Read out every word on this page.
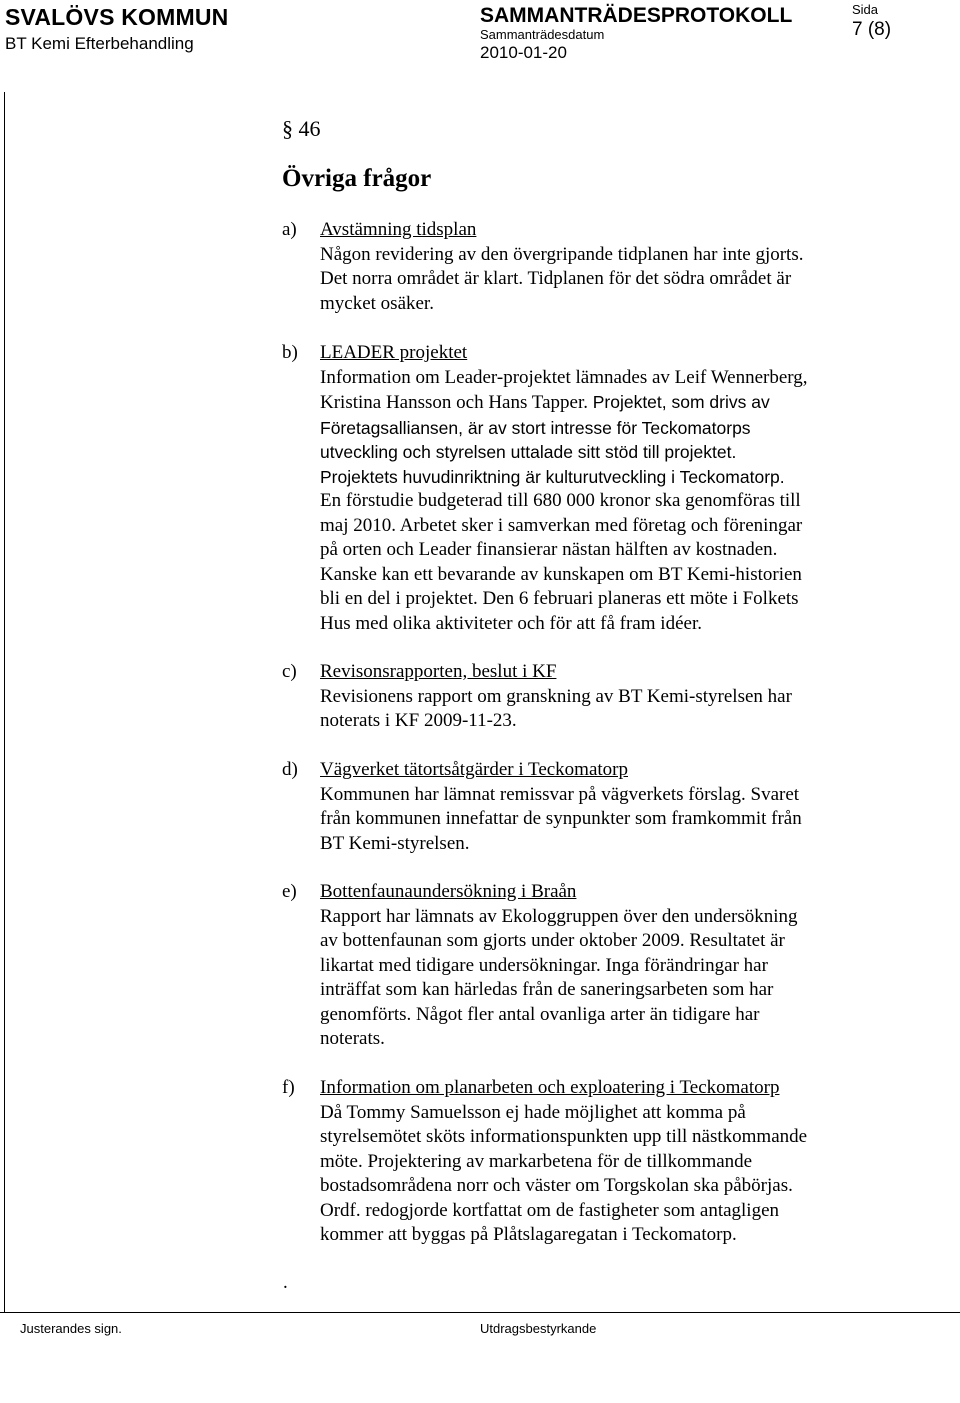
SVALÖVS KOMMUN
BT Kemi Efterbehandling
SAMMANTRÄDESPROTOKOLL
Sammanträdesdatum
2010-01-20
Sida
7 (8)
§ 46
Övriga frågor
a) Avstämning tidsplan
Någon revidering av den övergripande tidplanen har inte gjorts.
Det norra området är klart. Tidplanen för det södra området är
mycket osäker.
b) LEADER projektet
Information om Leader-projektet lämnades av Leif Wennerberg,
Kristina Hansson och Hans Tapper. Projektet, som drivs av
Företagsalliansen, är av stort intresse för Teckomatorps
utveckling och styrelsen uttalade sitt stöd till projektet.
Projektets huvudinriktning är kulturutveckling i Teckomatorp.
En förstudie budgeterad till 680 000 kronor ska genomföras till
maj 2010. Arbetet sker i samverkan med företag och föreningar
på orten och Leader finansierar nästan hälften av kostnaden.
Kanske kan ett bevarande av kunskapen om BT Kemi-historien
bli en del i projektet. Den 6 februari planeras ett möte i Folkets
Hus med olika aktiviteter och för att få fram idéer.
c) Revisonsrapporten, beslut i KF
Revisionens rapport om granskning av BT Kemi-styrelsen har
noterats i KF 2009-11-23.
d) Vägverket tätortsåtgärder i Teckomatorp
Kommunen har lämnat remissvar på vägverkets förslag. Svaret
från kommunen innefattar de synpunkter som framkommit från
BT Kemi-styrelsen.
e) Bottenfaunaundersökning i Braån
Rapport har lämnats av Ekologgruppen över den undersökning
av bottenfaunan som gjorts under oktober 2009. Resultatet är
likartat med tidigare undersökningar. Inga förändringar har
inträffat som kan härledas från de saneringsarbeten som har
genomförts. Något fler antal ovanliga arter än tidigare har
noterats.
f) Information om planarbeten och exploatering i Teckomatorp
Då Tommy Samuelsson ej hade möjlighet att komma på
styrelsemötet sköts informationspunkten upp till nästkommande
möte. Projektering av markarbetena för de tillkommande
bostadsområdena norr och väster om Torgskolan ska påbörjas.
Ordf. redogjorde kortfattat om de fastigheter som antagligen
kommer att byggas på Plåtslagaregatan i Teckomatorp.
.
Justerandes sign.	Utdragsbestyrkande
